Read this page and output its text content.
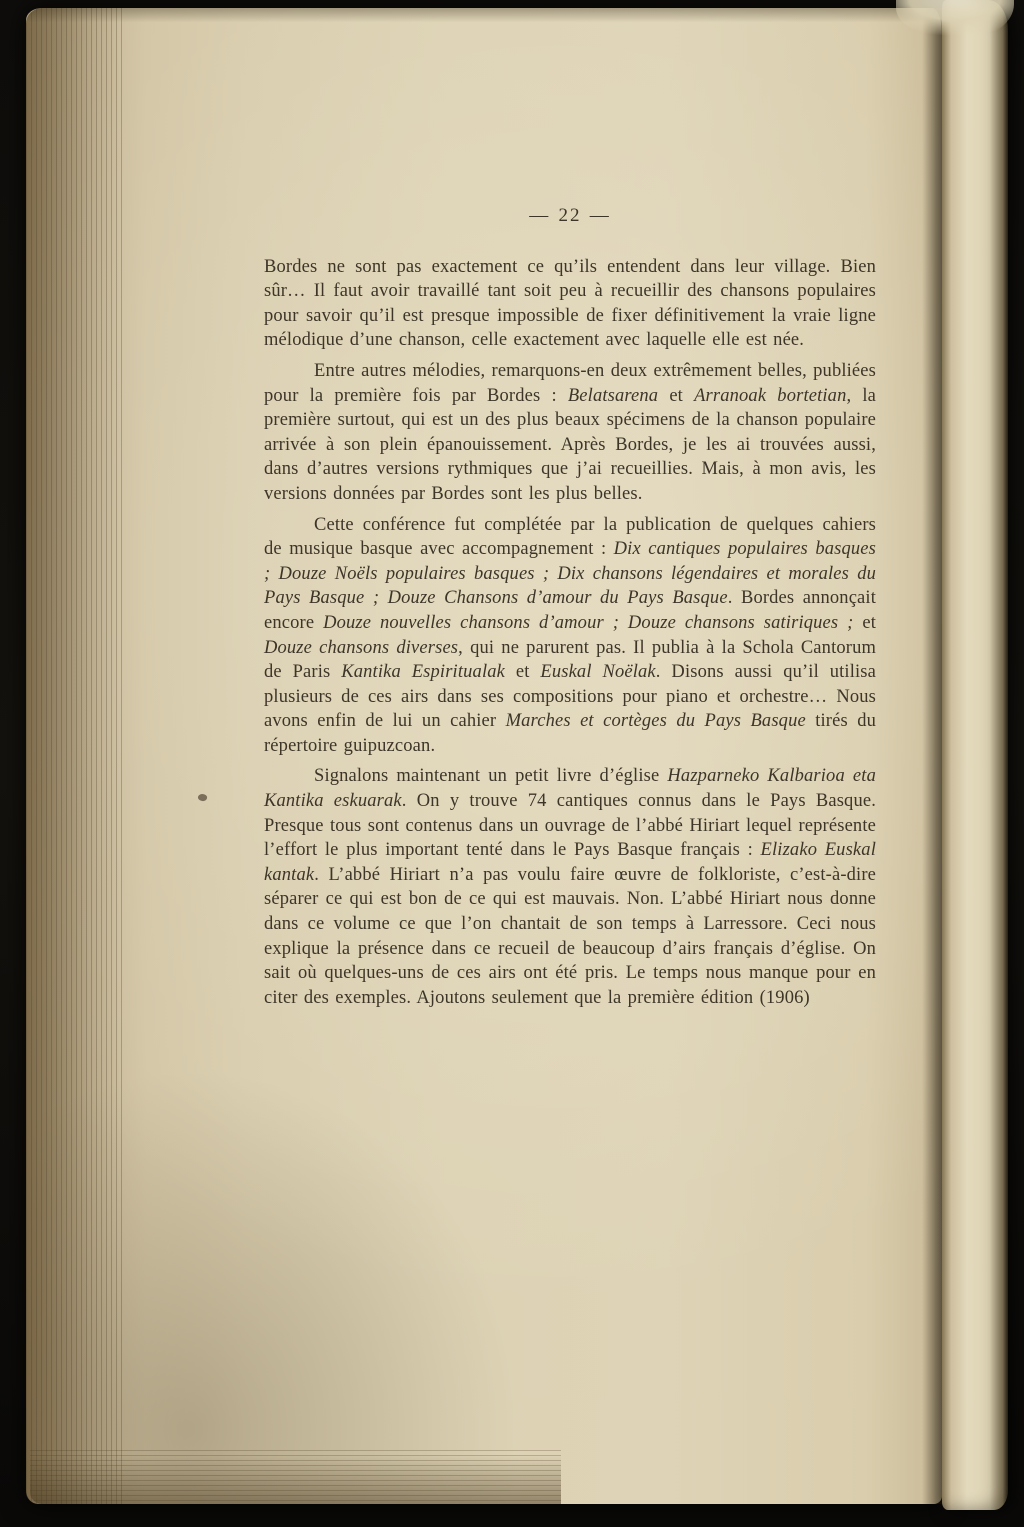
— 22 —

Bordes ne sont pas exactement ce qu’ils entendent dans leur village. Bien sûr… Il faut avoir travaillé tant soit peu à recueillir des chansons populaires pour savoir qu’il est presque impossible de fixer définitivement la vraie ligne mélodique d’une chanson, celle exactement avec laquelle elle est née.

Entre autres mélodies, remarquons-en deux extrêmement belles, publiées pour la première fois par Bordes : Belatsarena et Arranoak bortetian, la première surtout, qui est un des plus beaux spécimens de la chanson populaire arrivée à son plein épanouissement. Après Bordes, je les ai trouvées aussi, dans d’autres versions rythmiques que j’ai recueillies. Mais, à mon avis, les versions données par Bordes sont les plus belles.

Cette conférence fut complétée par la publication de quelques cahiers de musique basque avec accompagnement : Dix cantiques populaires basques ; Douze Noëls populaires basques ; Dix chansons légendaires et morales du Pays Basque ; Douze Chansons d’amour du Pays Basque. Bordes annonçait encore Douze nouvelles chansons d’amour ; Douze chansons satiriques ; et Douze chansons diverses, qui ne parurent pas. Il publia à la Schola Cantorum de Paris Kantika Espiritualak et Euskal Noëlak. Disons aussi qu’il utilisa plusieurs de ces airs dans ses compositions pour piano et orchestre… Nous avons enfin de lui un cahier Marches et cortèges du Pays Basque tirés du répertoire guipuzcoan.

Signalons maintenant un petit livre d’église Hazparneko Kalbarioa eta Kantika eskuarak. On y trouve 74 cantiques connus dans le Pays Basque. Presque tous sont contenus dans un ouvrage de l’abbé Hiriart lequel représente l’effort le plus important tenté dans le Pays Basque français : Elizako Euskal kantak. L’abbé Hiriart n’a pas voulu faire œuvre de folkloriste, c’est-à-dire séparer ce qui est bon de ce qui est mauvais. Non. L’abbé Hiriart nous donne dans ce volume ce que l’on chantait de son temps à Larressore. Ceci nous explique la présence dans ce recueil de beaucoup d’airs français d’église. On sait où quelques-uns de ces airs ont été pris. Le temps nous manque pour en citer des exemples. Ajoutons seulement que la première édition (1906)
